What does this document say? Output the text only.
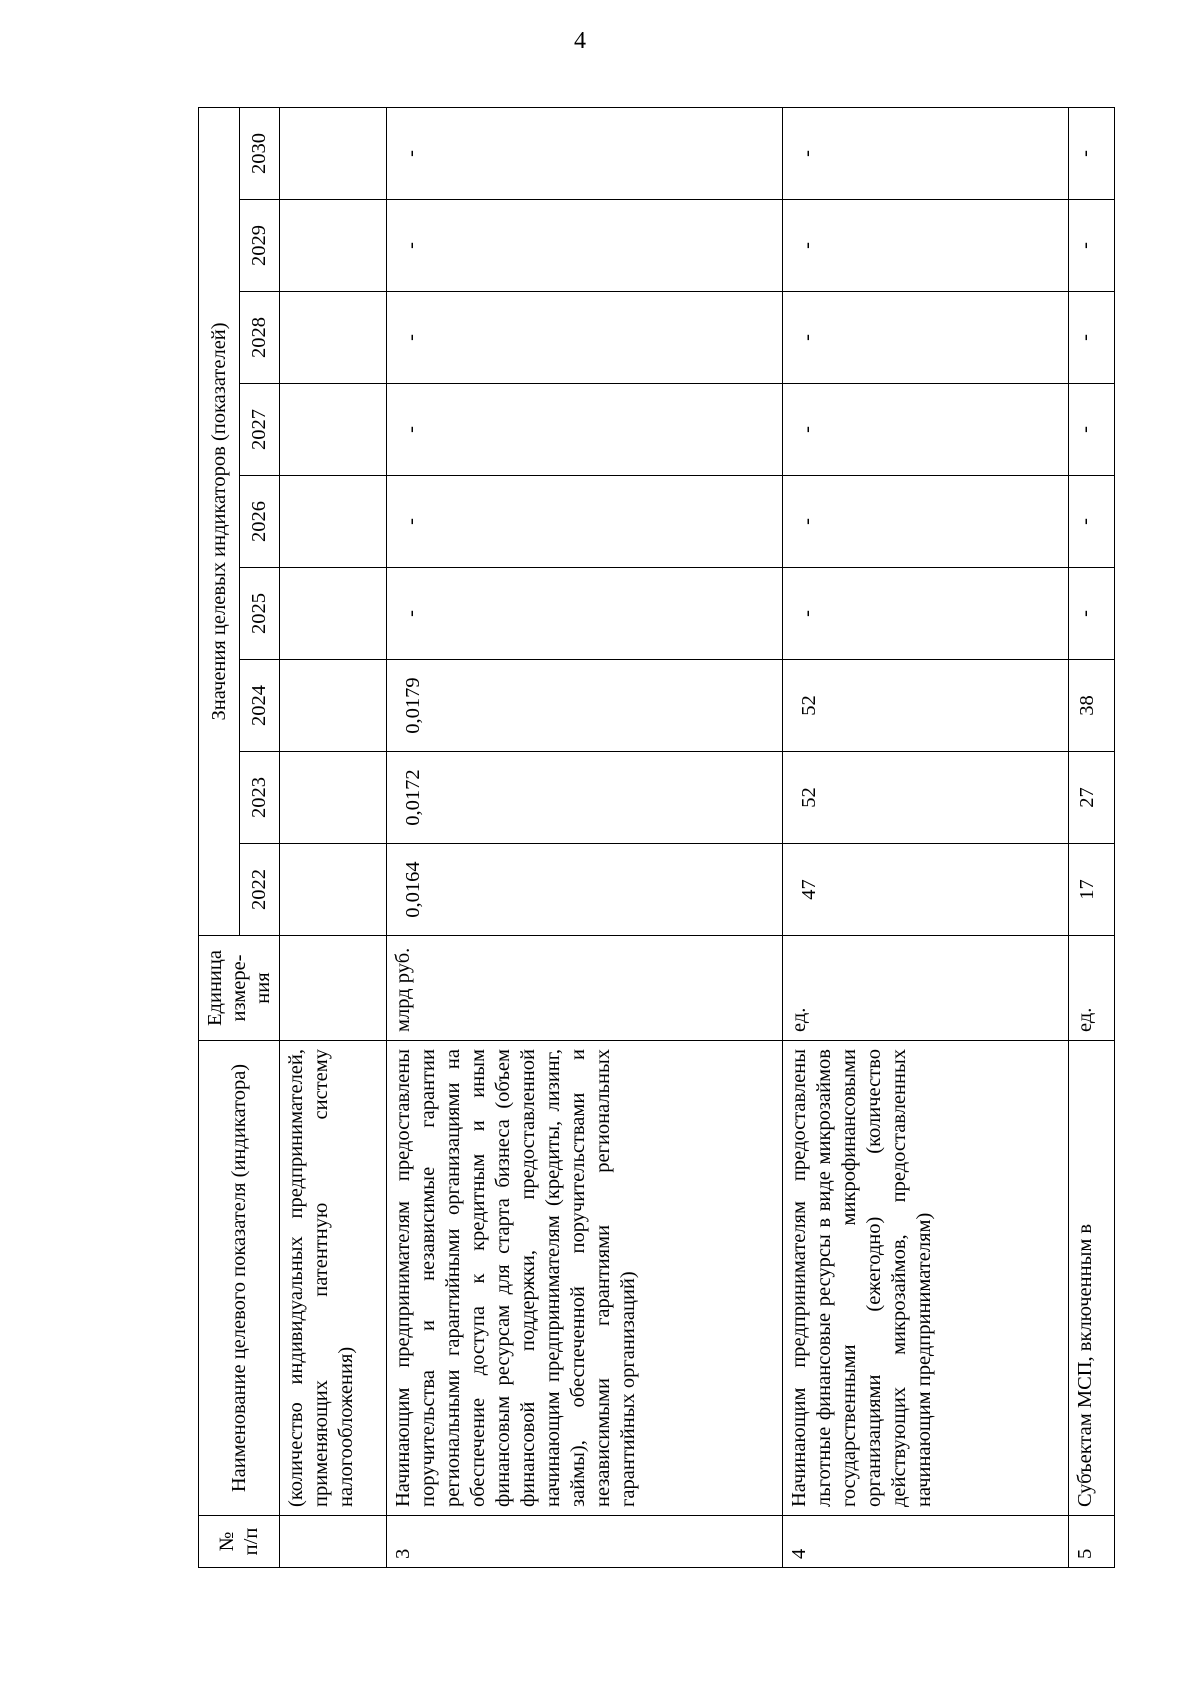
4
№ п/п	Наименование целевого показателя (индикатора)	Единица измере-ния	Значения целевых индикаторов (показателей)								
			2022	2023	2024	2025	2026	2027	2028	2029	2030
	(количество индивидуальных предпринимателей, применяющих патентную систему налогообложения)										
3	Начинающим предпринимателям предоставлены поручительства и независимые гарантии региональными гарантийными организациями на обеспечение доступа к кредитным и иным финансовым ресурсам для старта бизнеса (объем финансовой поддержки, предоставленной начинающим предпринимателям (кредиты, лизинг, займы), обеспеченной поручительствами и независимыми гарантиями региональных гарантийных организаций)	млрд руб.	0,0164	0,0172	0,0179	-	-	-	-	-	-
4	Начинающим предпринимателям предоставлены льготные финансовые ресурсы в виде микрозаймов государственными микрофинансовыми организациями (ежегодно) (количество действующих микрозаймов, предоставленных начинающим предпринимателям)	ед.	47	52	52	-	-	-	-	-	-
5	Субъектам МСП, включенным в	ед.	17	27	38	-	-	-	-	-	-
